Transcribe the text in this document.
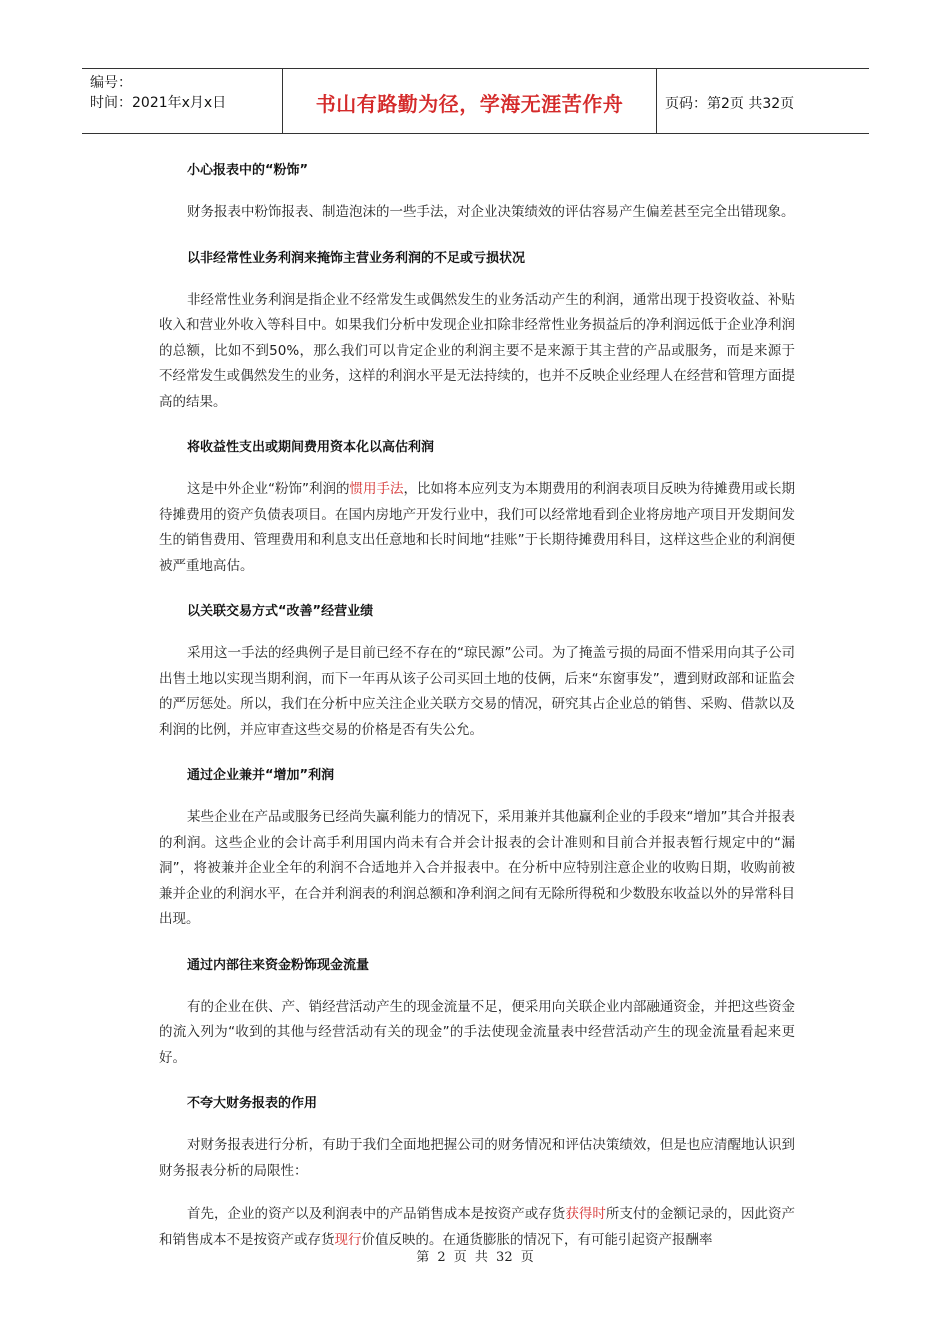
编号：
时间：2021年x月x日	书山有路勤为径，学海无涯苦作舟	页码：第2页 共32页
小心报表中的“粉饰”

财务报表中粉饰报表、制造泡沫的一些手法，对企业决策绩效的评估容易产生偏差甚至完全出错现象。

以非经常性业务利润来掩饰主营业务利润的不足或亏损状况

非经常性业务利润是指企业不经常发生或偶然发生的业务活动产生的利润，通常出现于投资收益、补贴收入和营业外收入等科目中。如果我们分析中发现企业扣除非经常性业务损益后的净利润远低于企业净利润的总额，比如不到50%，那么我们可以肯定企业的利润主要不是来源于其主营的产品或服务，而是来源于不经常发生或偶然发生的业务，这样的利润水平是无法持续的，也并不反映企业经理人在经营和管理方面提高的结果。

将收益性支出或期间费用资本化以高估利润

这是中外企业“粉饰”利润的惯用手法，比如将本应列支为本期费用的利润表项目反映为待摊费用或长期待摊费用的资产负债表项目。在国内房地产开发行业中，我们可以经常地看到企业将房地产项目开发期间发生的销售费用、管理费用和利息支出任意地和长时间地“挂账”于长期待摊费用科目，这样这些企业的利润便被严重地高估。

以关联交易方式“改善”经营业绩

采用这一手法的经典例子是目前已经不存在的“琼民源”公司。为了掩盖亏损的局面不惜采用向其子公司出售土地以实现当期利润，而下一年再从该子公司买回土地的伎俩，后来“东窗事发”，遭到财政部和证监会的严厉惩处。所以，我们在分析中应关注企业关联方交易的情况，研究其占企业总的销售、采购、借款以及利润的比例，并应审查这些交易的价格是否有失公允。

通过企业兼并“增加”利润

某些企业在产品或服务已经尚失赢利能力的情况下，采用兼并其他赢利企业的手段来“增加”其合并报表的利润。这些企业的会计高手利用国内尚未有合并会计报表的会计准则和目前合并报表暂行规定中的“漏洞”，将被兼并企业全年的利润不合适地并入合并报表中。在分析中应特别注意企业的收购日期，收购前被兼并企业的利润水平，在合并利润表的利润总额和净利润之间有无除所得税和少数股东收益以外的异常科目出现。

通过内部往来资金粉饰现金流量

有的企业在供、产、销经营活动产生的现金流量不足，便采用向关联企业内部融通资金，并把这些资金的流入列为“收到的其他与经营活动有关的现金”的手法使现金流量表中经营活动产生的现金流量看起来更好。

不夸大财务报表的作用

对财务报表进行分析，有助于我们全面地把握公司的财务情况和评估决策绩效，但是也应清醒地认识到财务报表分析的局限性：

首先，企业的资产以及利润表中的产品销售成本是按资产或存货获得时所支付的金额记录的，因此资产和销售成本不是按资产或存货现行价值反映的。在通货膨胀的情况下，有可能引起资产报酬率

第 2 页 共 32 页
